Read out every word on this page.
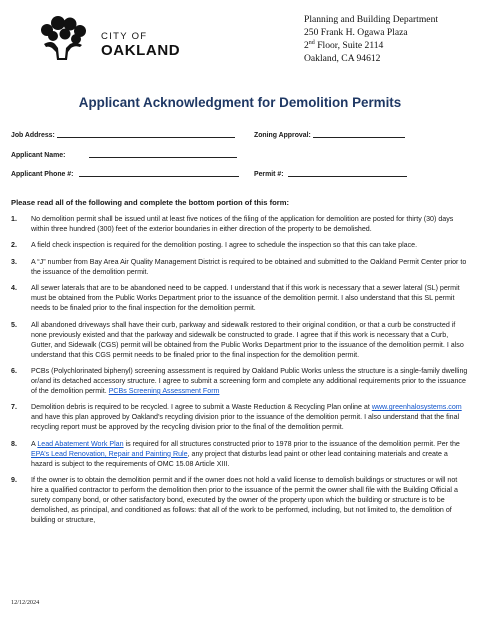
CITY OF
OAKLAND
Planning and Building Department
250 Frank H. Ogawa Plaza
2nd Floor, Suite 2114
Oakland, CA 94612
Applicant Acknowledgment for Demolition Permits
Job Address:	Zoning Approval:
Applicant Name:
Applicant Phone #:	Permit #:
Please read all of the following and complete the bottom portion of this form:
1.	No demolition permit shall be issued until at least five notices of the filing of the application for demolition are posted for thirty (30) days within three hundred (300) feet of the exterior boundaries in either direction of the property to be demolished.
2.	A field check inspection is required for the demolition posting. I agree to schedule the inspection so that this can take place.
3.	A “J” number from Bay Area Air Quality Management District is required to be obtained and submitted to the Oakland Permit Center prior to the issuance of the demolition permit.
4.	All sewer laterals that are to be abandoned need to be capped. I understand that if this work is necessary that a sewer lateral (SL) permit must be obtained from the Public Works Department prior to the issuance of the demolition permit. I also understand that this SL permit needs to be finaled prior to the final inspection for the demolition permit.
5.	All abandoned driveways shall have their curb, parkway and sidewalk restored to their original condition, or that a curb be constructed if none previously existed and that the parkway and sidewalk be constructed to grade. I agree that if this work is necessary that a Curb, Gutter, and Sidewalk (CGS) permit will be obtained from the Public Works Department prior to the issuance of the demolition permit. I also understand that this CGS permit needs to be finaled prior to the final inspection for the demolition permit.
6.	PCBs (Polychlorinated biphenyl) screening assessment is required by Oakland Public Works unless the structure is a single-family dwelling or/and its detached accessory structure. I agree to submit a screening form and complete any additional requirements prior to the issuance of the demolition permit. PCBs Screening Assessment Form
7.	Demolition debris is required to be recycled. I agree to submit a Waste Reduction & Recycling Plan online at www.greenhalosystems.com and have this plan approved by Oakland’s recycling division prior to the issuance of the demolition permit. I also understand that the final recycling report must be approved by the recycling division prior to the final of the demolition permit.
8.	A Lead Abatement Work Plan is required for all structures constructed prior to 1978 prior to the issuance of the demolition permit. Per the EPA’s Lead Renovation, Repair and Painting Rule, any project that disturbs lead paint or other lead containing materials and create a hazard is subject to the requirements of OMC 15.08 Article XIII.
9.	If the owner is to obtain the demolition permit and if the owner does not hold a valid license to demolish buildings or structures or will not hire a qualified contractor to perform the demolition then prior to the issuance of the permit the owner shall file with the Building Official a surety company bond, or other satisfactory bond, executed by the owner of the property upon which the building or structure is to be demolished, as principal, and conditioned as follows: that all of the work to be performed, including, but not limited to, the demolition of building or structure,
12/12/2024
